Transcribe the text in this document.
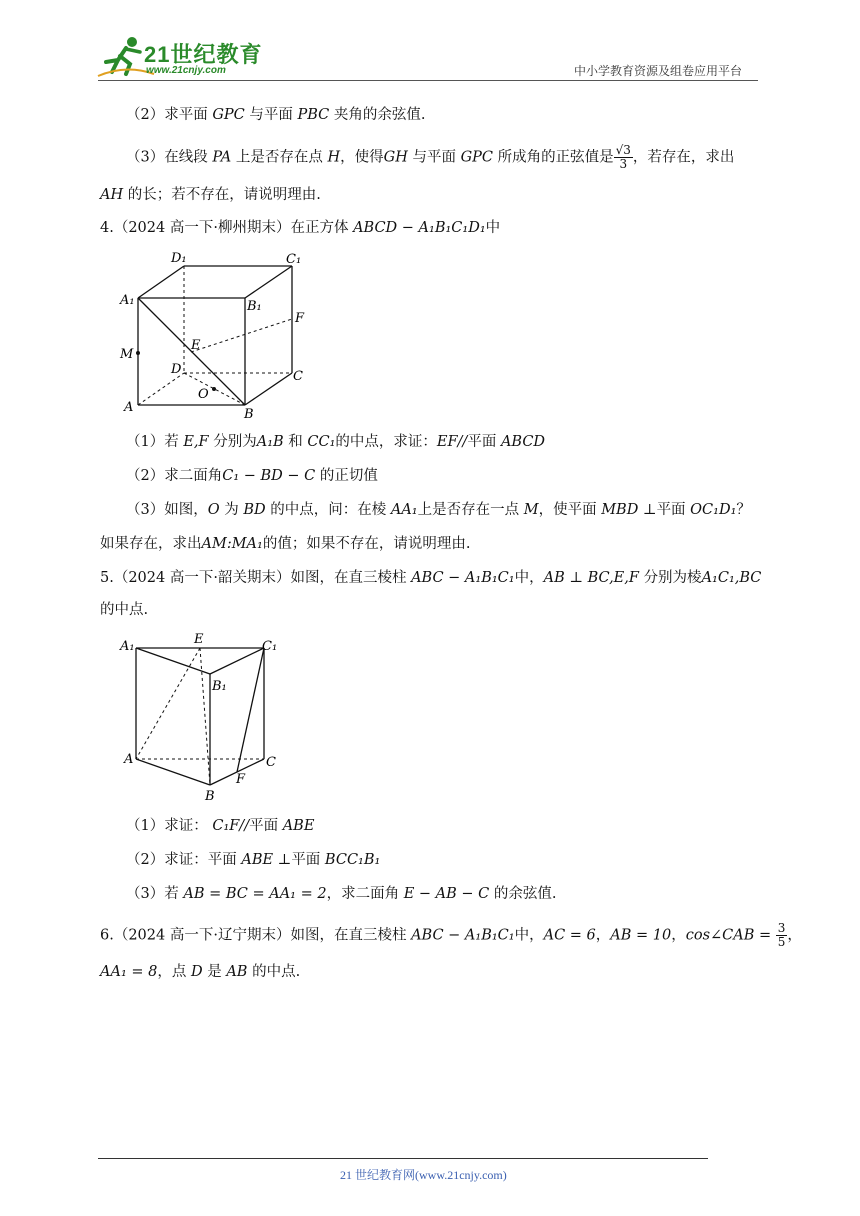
21世纪教育
www.21cnjy.com	中小学教育资源及组卷应用平台
（2）求平面 GPC 与平面 PBC 夹角的余弦值.
（3）在线段 PA 上是否存在点 H，使得GH 与平面 GPC 所成角的正弦值是 $\frac{√3}{3}$ ，若存在，求出
AH 的长；若不存在，请说明理由.
4.（2024 高一下·柳州期末）在正方体 ABCD − A₁B₁C₁D₁中
D₁	C₁
A₁	B₁
F
E
M
D	C
O
A	B
（1）若 E,F 分别为A₁B 和 CC₁的中点，求证：EF//平面 ABCD
（2）求二面角C₁ − BD − C 的正切值
（3）如图，O 为 BD 的中点，问：在棱 AA₁上是否存在一点 M，使平面 MBD ⊥平面 OC₁D₁？
如果存在，求出AM:MA₁的值；如果不存在，请说明理由.
5.（2024 高一下·韶关期末）如图，在直三棱柱 ABC − A₁B₁C₁中，AB ⊥ BC,E,F 分别为棱A₁C₁,BC
的中点.
A₁	E	C₁
B₁
A	C
F
B
（1）求证： C₁F//平面 ABE
（2）求证：平面 ABE ⊥平面 BCC₁B₁
（3）若 AB = BC = AA₁ = 2，求二面角 E − AB − C 的余弦值.
6.（2024 高一下·辽宁期末）如图，在直三棱柱 ABC − A₁B₁C₁中，AC = 6，AB = 10，cos∠CAB = $\frac{3}{5}$ ，
AA₁ = 8，点 D 是 AB 的中点.
21 世纪教育网(www.21cnjy.com)
